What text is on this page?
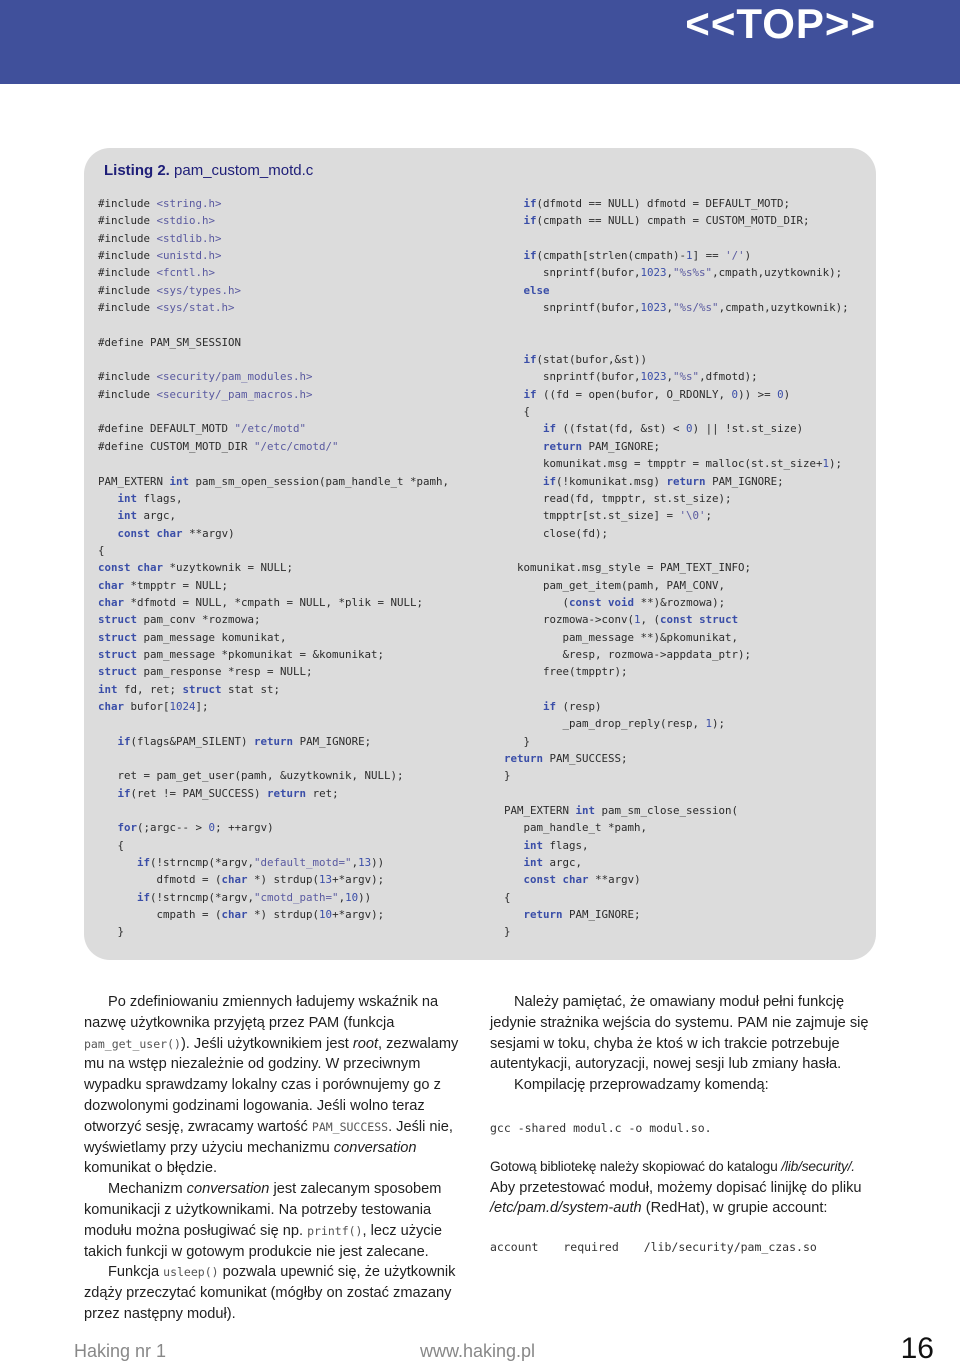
<<TOP>>
Listing 2. pam_custom_motd.c
#include <string.h>
#include <stdio.h>
#include <stdlib.h>
#include <unistd.h>
#include <fcntl.h>
#include <sys/types.h>
#include <sys/stat.h>

#define PAM_SM_SESSION

#include <security/pam_modules.h>
#include <security/_pam_macros.h>

#define DEFAULT_MOTD "/etc/motd"
#define CUSTOM_MOTD_DIR "/etc/cmotd/"

PAM_EXTERN int pam_sm_open_session(pam_handle_t *pamh,
int flags,
int argc,
const char **argv)
{
const char *uzytkownik = NULL;
char *tmpptr = NULL;
char *dfmotd = NULL, *cmpath = NULL, *plik = NULL;
struct pam_conv *rozmowa;
struct pam_message komunikat,
struct pam_message *pkomunikat = &komunikat;
struct pam_response *resp = NULL;
int fd, ret; struct stat st;
char bufor[1024];

if(flags&PAM_SILENT) return PAM_IGNORE;

ret = pam_get_user(pamh, &uzytkownik, NULL);
if(ret != PAM_SUCCESS) return ret;

for(;argc-- > 0; ++argv)
{
if(!strncmp(*argv,"default_motd=",13))
dfmotd = (char *) strdup(13+*argv);
if(!strncmp(*argv,"cmotd_path=",10))
cmpath = (char *) strdup(10+*argv);
}
if(dfmotd == NULL) dfmotd = DEFAULT_MOTD;
if(cmpath == NULL) cmpath = CUSTOM_MOTD_DIR;

if(cmpath[strlen(cmpath)-1] == '/')
snprintf(bufor,1023,"%s%s",cmpath,uzytkownik);
else
snprintf(bufor,1023,"%s/%s",cmpath,uzytkownik);

if(stat(bufor,&st))
snprintf(bufor,1023,"%s",dfmotd);
if ((fd = open(bufor, O_RDONLY, 0)) >= 0)
{
if ((fstat(fd, &st) < 0) || !st.st_size)
return PAM_IGNORE;
komunikat.msg = tmpptr = malloc(st.st_size+1);
if(!komunikat.msg) return PAM_IGNORE;
read(fd, tmpptr, st.st_size);
tmpptr[st.st_size] = '\0';
close(fd);

komunikat.msg_style = PAM_TEXT_INFO;
pam_get_item(pamh, PAM_CONV,
(const void **)&rozmowa);
rozmowa->conv(1, (const struct
pam_message **)&pkomunikat,
&resp, rozmowa->appdata_ptr);
free(tmpptr);

if (resp)
_pam_drop_reply(resp, 1);
}
return PAM_SUCCESS;
}

PAM_EXTERN int pam_sm_close_session(
pam_handle_t *pamh,
int flags,
int argc,
const char **argv)
{
return PAM_IGNORE;
}

Po zdefiniowaniu zmiennych ładujemy wskaźnik na nazwę użytkownika przyjętą przez PAM (funkcja pam_get_user()). Jeśli użytkownikiem jest root, zezwalamy mu na wstęp niezależnie od godziny. W przeciwnym wypadku sprawdzamy lokalny czas i porównujemy go z dozwolonymi godzinami logowania. Jeśli wolno teraz otworzyć sesję, zwracamy wartość PAM_SUCCESS. Jeśli nie, wyświetlamy przy użyciu mechanizmu conversation komunikat o błędzie.

Mechanizm conversation jest zalecanym sposobem komunikacji z użytkownikami. Na potrzeby testowania modułu można posługiwać się np. printf(), lecz użycie takich funkcji w gotowym produkcie nie jest zalecane.

Funkcja usleep() pozwala upewnić się, że użytkownik zdąży przeczytać komunikat (mógłby on zostać zmazany przez następny moduł).

Należy pamiętać, że omawiany moduł pełni funkcję jedynie strażnika wejścia do systemu. PAM nie zajmuje się sesjami w toku, chyba że ktoś w ich trakcie potrzebuje autentykacji, autoryzacji, nowej sesji lub zmiany hasła.

Kompilację przeprowadzamy komendą:

gcc -shared modul.c -o modul.so.

Gotową bibliotekę należy skopiować do katalogu /lib/security/.

Aby przetestować moduł, możemy dopisać linijkę do pliku /etc/pam.d/system-auth (RedHat), w grupie account:

account required /lib/security/pam_czas.so

Haking nr 1	www.haking.pl	16
